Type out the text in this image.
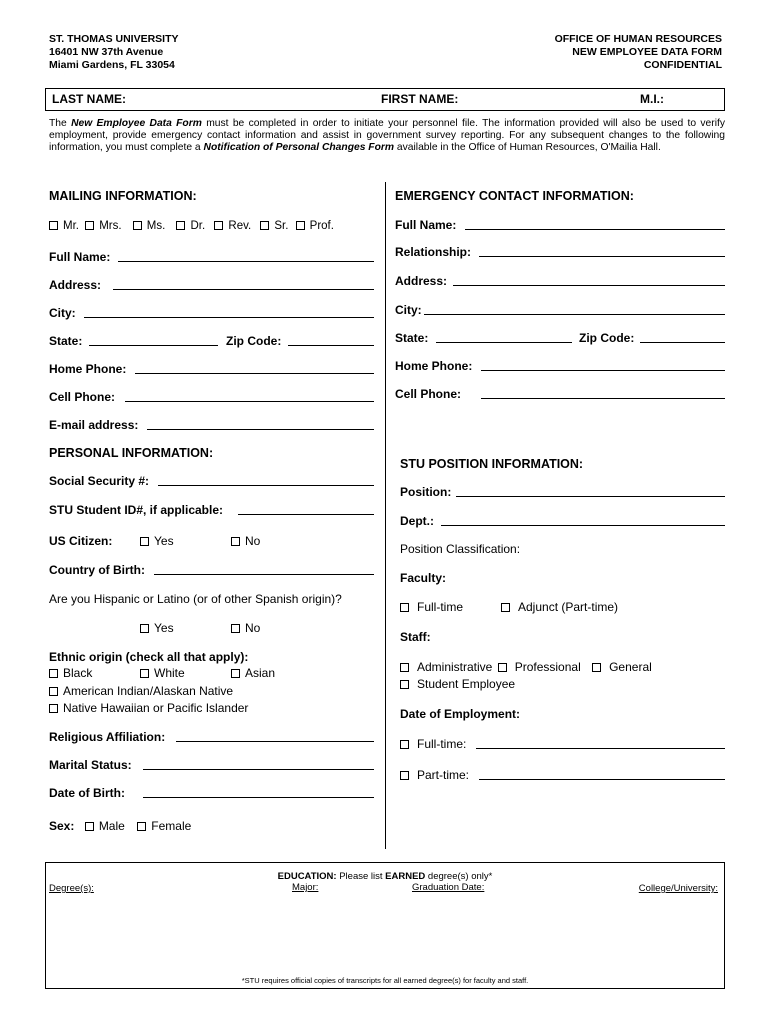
ST. THOMAS UNIVERSITY
16401 NW 37th Avenue
Miami Gardens, FL 33054
OFFICE OF HUMAN RESOURCES
NEW EMPLOYEE DATA FORM
CONFIDENTIAL
LAST NAME:	FIRST NAME:	M.I.:
The New Employee Data Form must be completed in order to initiate your personnel file. The information provided will also be used to verify employment, provide emergency contact information and assist in government survey reporting. For any subsequent changes to the following information, you must complete a Notification of Personal Changes Form available in the Office of Human Resources, O'Mailia Hall.
MAILING INFORMATION:
Mr. Mrs. Ms. Dr. Rev. Sr. Prof.
Full Name:
Address:
City:
State:	Zip Code:
Home Phone:
Cell Phone:
E-mail address:
PERSONAL INFORMATION:
Social Security #:
STU Student ID#, if applicable:
US Citizen:	Yes	No
Country of Birth:
Are you Hispanic or Latino (or of other Spanish origin)?
Yes	No
Ethnic origin (check all that apply):
Black	White	Asian
American Indian/Alaskan Native
Native Hawaiian or Pacific Islander
Religious Affiliation:
Marital Status:
Date of Birth:
Sex: Male Female
EMERGENCY CONTACT INFORMATION:
Full Name:
Relationship:
Address:
City:
State:	Zip Code:
Home Phone:
Cell Phone:
STU POSITION INFORMATION:
Position:
Dept.:
Position Classification:
Faculty:
Full-time	Adjunct (Part-time)
Staff:
Administrative Professional General
Student Employee
Date of Employment:
Full-time:
Part-time:
EDUCATION: Please list EARNED degree(s) only*
Degree(s):	Major:	Graduation Date:	College/University:
*STU requires official copies of transcripts for all earned degree(s) for faculty and staff.
